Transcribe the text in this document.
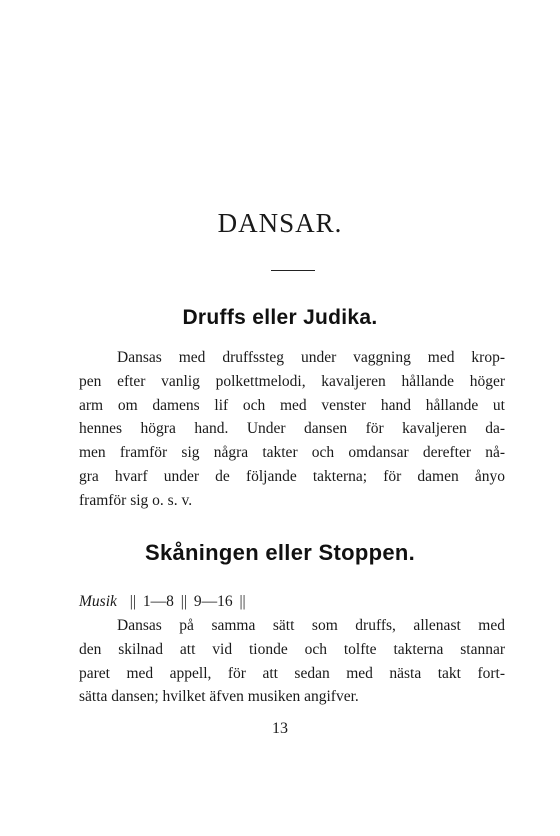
DANSAR.
Druffs eller Judika.
Dansas med druffssteg under vaggning med krop-
pen efter vanlig polkettmelodi, kavaljeren hållande höger
arm om damens lif och med venster hand hållande ut
hennes högra hand. Under dansen för kavaljeren da-
men framför sig några takter och omdansar derefter nå-
gra hvarf under de följande takterna; för damen ånyo
framför sig o. s. v.
Skåningen eller Stoppen.
Musik || 1—8 || 9—16 ||
Dansas på samma sätt som druffs, allenast med
den skilnad att vid tionde och tolfte takterna stannar
paret med appell, för att sedan med nästa takt fort-
sätta dansen; hvilket äfven musiken angifver.

13
